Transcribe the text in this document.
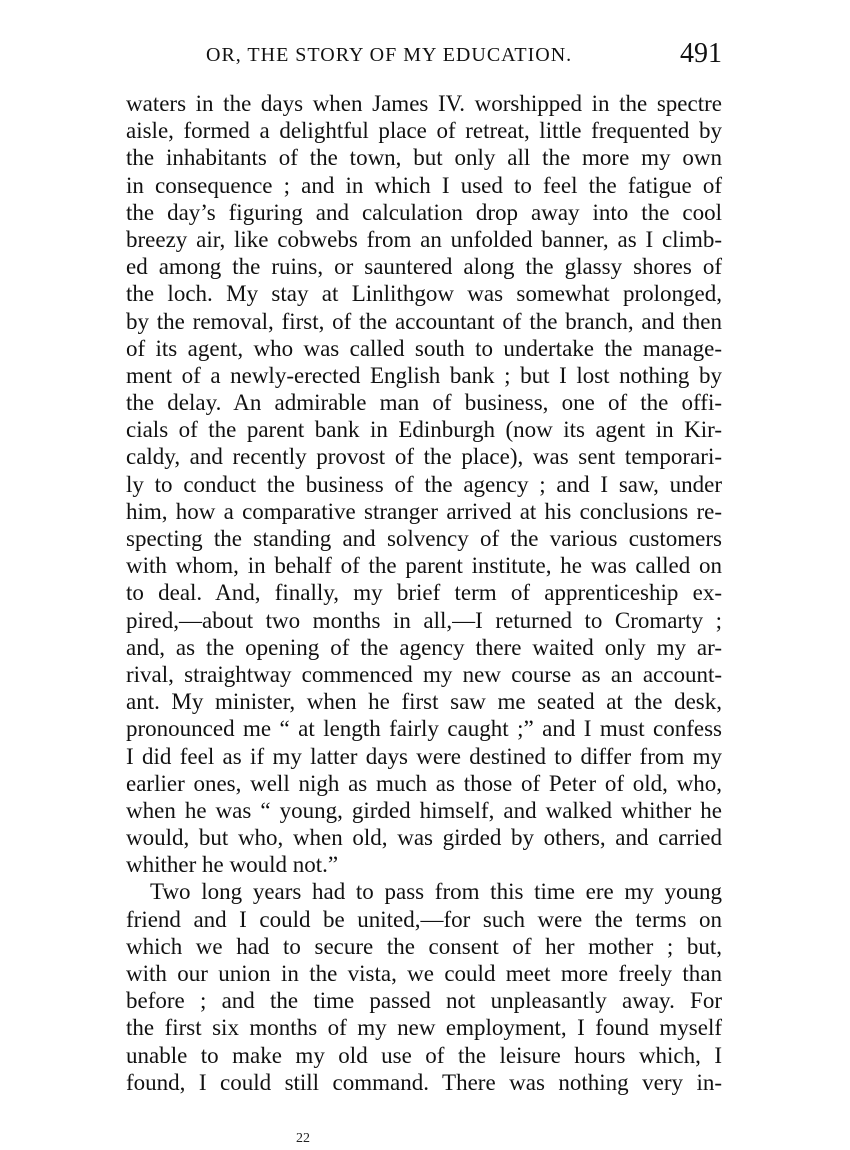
OR, THE STORY OF MY EDUCATION.	491
waters in the days when James IV. worshipped in the spectre
aisle, formed a delightful place of retreat, little frequented by
the inhabitants of the town, but only all the more my own
in consequence ; and in which I used to feel the fatigue of
the day’s figuring and calculation drop away into the cool
breezy air, like cobwebs from an unfolded banner, as I climb-
ed among the ruins, or sauntered along the glassy shores of
the loch. My stay at Linlithgow was somewhat prolonged,
by the removal, first, of the accountant of the branch, and then
of its agent, who was called south to undertake the manage-
ment of a newly-erected English bank ; but I lost nothing by
the delay. An admirable man of business, one of the offi-
cials of the parent bank in Edinburgh (now its agent in Kir-
caldy, and recently provost of the place), was sent temporari-
ly to conduct the business of the agency ; and I saw, under
him, how a comparative stranger arrived at his conclusions re-
specting the standing and solvency of the various customers
with whom, in behalf of the parent institute, he was called on
to deal. And, finally, my brief term of apprenticeship ex-
pired,—about two months in all,—I returned to Cromarty ;
and, as the opening of the agency there waited only my ar-
rival, straightway commenced my new course as an account-
ant. My minister, when he first saw me seated at the desk,
pronounced me “ at length fairly caught ;” and I must confess
I did feel as if my latter days were destined to differ from my
earlier ones, well nigh as much as those of Peter of old, who,
when he was “ young, girded himself, and walked whither he
would, but who, when old, was girded by others, and carried
whither he would not.”
Two long years had to pass from this time ere my young
friend and I could be united,—for such were the terms on
which we had to secure the consent of her mother ; but,
with our union in the vista, we could meet more freely than
before ; and the time passed not unpleasantly away. For
the first six months of my new employment, I found myself
unable to make my old use of the leisure hours which, I
found, I could still command. There was nothing very in-
22
